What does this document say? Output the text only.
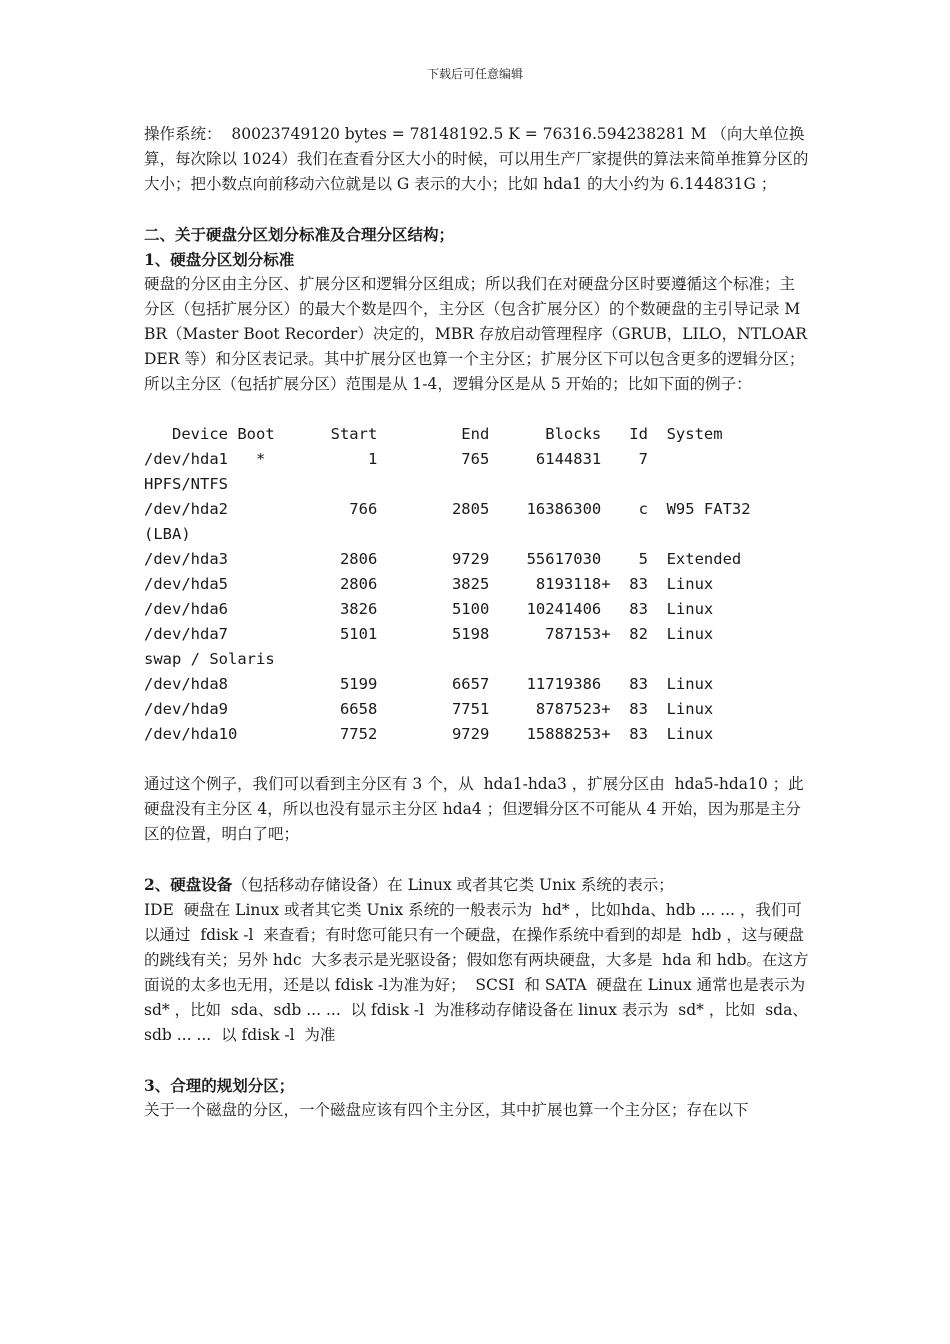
下载后可任意编辑

操作系统：  80023749120 bytes = 78148192.5 K = 76316.594238281 M （向大单位换算，每次除以 1024）我们在查看分区大小的时候，可以用生产厂家提供的算法来简单推算分区的大小；把小数点向前移动六位就是以 G 表示的大小；比如 hda1 的大小约为 6.144831G ；

二、关于硬盘分区划分标准及合理分区结构；

1、硬盘分区划分标准

硬盘的分区由主分区、扩展分区和逻辑分区组成；所以我们在对硬盘分区时要遵循这个标准；主分区（包括扩展分区）的最大个数是四个，主分区（包含扩展分区）的个数硬盘的主引导记录 MBR（Master Boot Recorder）决定的，MBR 存放启动管理程序（GRUB，LILO，NTLOARDER 等）和分区表记录。其中扩展分区也算一个主分区；扩展分区下可以包含更多的逻辑分区；所以主分区（包括扩展分区）范围是从 1-4，逻辑分区是从 5 开始的；比如下面的例子：

Device Boot      Start         End      Blocks   Id  System
/dev/hda1   *           1         765     6144831    7
HPFS/NTFS
/dev/hda2             766        2805    16386300    c  W95 FAT32
(LBA)
/dev/hda3            2806        9729    55617030    5  Extended
/dev/hda5            2806        3825     8193118+  83  Linux
/dev/hda6            3826        5100    10241406   83  Linux
/dev/hda7            5101        5198      787153+  82  Linux
swap / Solaris
/dev/hda8            5199        6657    11719386   83  Linux
/dev/hda9            6658        7751     8787523+  83  Linux
/dev/hda10           7752        9729    15888253+  83  Linux

通过这个例子，我们可以看到主分区有 3 个，从  hda1-hda3 ，扩展分区由  hda5-hda10 ；此硬盘没有主分区 4，所以也没有显示主分区 hda4 ；但逻辑分区不可能从 4 开始，因为那是主分区的位置，明白了吧；

2、硬盘设备（包括移动存储设备）在 Linux 或者其它类 Unix 系统的表示；

IDE  硬盘在 Linux 或者其它类 Unix 系统的一般表示为  hd* ，比如hda、hdb ... ... ，我们可以通过  fdisk -l  来查看；有时您可能只有一个硬盘，在操作系统中看到的却是  hdb ，这与硬盘的跳线有关；另外 hdc  大多表示是光驱设备；假如您有两块硬盘，大多是  hda 和 hdb。在这方面说的太多也无用，还是以 fdisk -l为准为好；  SCSI  和 SATA  硬盘在 Linux 通常也是表示为  sd* ，比如  sda、sdb ... ...  以 fdisk -l  为准移动存储设备在 linux 表示为  sd* ，比如  sda、sdb ... ...  以 fdisk -l  为准

3、合理的规划分区；

关于一个磁盘的分区，一个磁盘应该有四个主分区，其中扩展也算一个主分区；存在以下
